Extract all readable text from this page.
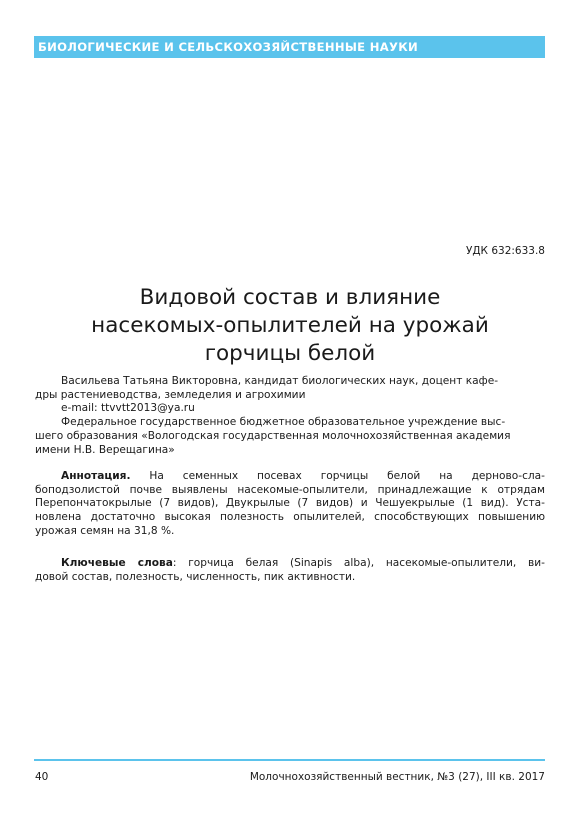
БИОЛОГИЧЕСКИЕ И СЕЛЬСКОХОЗЯЙСТВЕННЫЕ НАУКИ
УДК 632:633.8
Видовой состав и влияние
насекомых-опылителей на урожай
горчицы белой
Васильева Татьяна Викторовна, кандидат биологических наук, доцент кафе-
дры растениеводства, земледелия и агрохимии
e-mail: ttvvtt2013@ya.ru
Федеральное государственное бюджетное образовательное учреждение выс-
шего образования «Вологодская государственная молочнохозяйственная академия
имени Н.В. Верещагина»
Аннотация. На семенных посевах горчицы белой на дерново-сла-
боподзолистой почве выявлены насекомые-опылители, принадлежащие к отрядам
Перепончатокрылые (7 видов), Двукрылые (7 видов) и Чешуекрылые (1 вид). Уста-
новлена достаточно высокая полезность опылителей, способствующих повышению
урожая семян на 31,8 %.
Ключевые слова: горчица белая (Sinapis alba), насекомые-опылители, ви-
довой состав, полезность, численность, пик активности.
40	Молочнохозяйственный вестник, №3 (27), III кв. 2017
